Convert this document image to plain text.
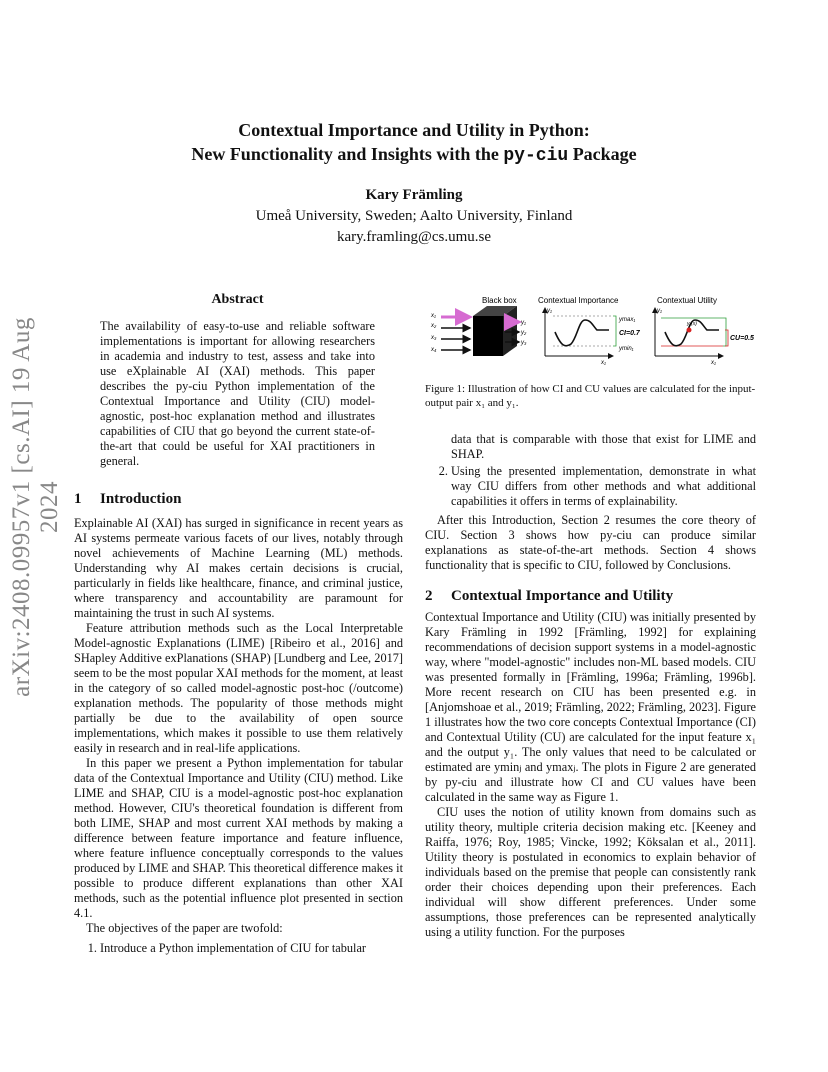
Contextual Importance and Utility in Python:
New Functionality and Insights with the py-ciu Package
Kary Främling
Umeå University, Sweden; Aalto University, Finland
kary.framling@cs.umu.se
arXiv:2408.09957v1 [cs.AI] 19 Aug 2024
Abstract

The availability of easy-to-use and reliable software implementations is important for allowing researchers in academia and industry to test, assess and take into use eXplainable AI (XAI) methods. This paper describes the py-ciu Python implementation of the Contextual Importance and Utility (CIU) model-agnostic, post-hoc explanation method and illustrates capabilities of CIU that go beyond the current state-of-the-art that could be useful for XAI practitioners in general.

1 Introduction

Explainable AI (XAI) has surged in significance in recent years as AI systems permeate various facets of our lives, notably through novel achievements of Machine Learning (ML) methods. Understanding why AI makes certain decisions is crucial, particularly in fields like healthcare, finance, and criminal justice, where transparency and accountability are paramount for maintaining the trust in such AI systems.

Feature attribution methods such as the Local Interpretable Model-agnostic Explanations (LIME) [Ribeiro et al., 2016] and SHapley Additive exPlanations (SHAP) [Lundberg and Lee, 2017] seem to be the most popular XAI methods for the moment, at least in the category of so called model-agnostic post-hoc (/outcome) explanation methods. The popularity of those methods might partially be due to the availability of open source implementations, which makes it possible to use them relatively easily in research and in real-life applications.

In this paper we present a Python implementation for tabular data of the Contextual Importance and Utility (CIU) method. Like LIME and SHAP, CIU is a model-agnostic post-hoc explanation method. However, CIU's theoretical foundation is different from both LIME, SHAP and most current XAI methods by making a difference between feature importance and feature influence, where feature influence conceptually corresponds to the values produced by LIME and SHAP. This theoretical difference makes it possible to produce different explanations than other XAI methods, such as the potential influence plot presented in section 4.1.

The objectives of the paper are twofold:

1. Introduce a Python implementation of CIU for tabular
Black box	Contextual Importance	Contextual Utility
x₁
x₂
x₃
x₄
y₁
y₂
y₃
y₁
x₁
ymax₁
CI=0.7
ymin₁
y₁
x₁
y₁(x)
CU=0.5
Figure 1: Illustration of how CI and CU values are calculated for the input-output pair x₁ and y₁.
data that is comparable with those that exist for LIME and SHAP.
2. Using the presented implementation, demonstrate in what way CIU differs from other methods and what additional capabilities it offers in terms of explainability.

After this Introduction, Section 2 resumes the core theory of CIU. Section 3 shows how py-ciu can produce similar explanations as state-of-the-art methods. Section 4 shows functionality that is specific to CIU, followed by Conclusions.

2 Contextual Importance and Utility

Contextual Importance and Utility (CIU) was initially presented by Kary Främling in 1992 [Främling, 1992] for explaining recommendations of decision support systems in a model-agnostic way, where "model-agnostic" includes non-ML based models. CIU was presented formally in [Främling, 1996a; Främling, 1996b]. More recent research on CIU has been presented e.g. in [Anjomshoae et al., 2019; Främling, 2022; Främling, 2023]. Figure 1 illustrates how the two core concepts Contextual Importance (CI) and Contextual Utility (CU) are calculated for the input feature x₁ and the output y₁. The only values that need to be calculated or estimated are yminⱼ and ymaxⱼ. The plots in Figure 2 are generated by py-ciu and illustrate how CI and CU values have been calculated in the same way as Figure 1.

CIU uses the notion of utility known from domains such as utility theory, multiple criteria decision making etc. [Keeney and Raiffa, 1976; Roy, 1985; Vincke, 1992; Köksalan et al., 2011]. Utility theory is postulated in economics to explain behavior of individuals based on the premise that people can consistently rank order their choices depending upon their preferences. Each individual will show different preferences. Under some assumptions, those preferences can be represented analytically using a utility function. For the purposes
